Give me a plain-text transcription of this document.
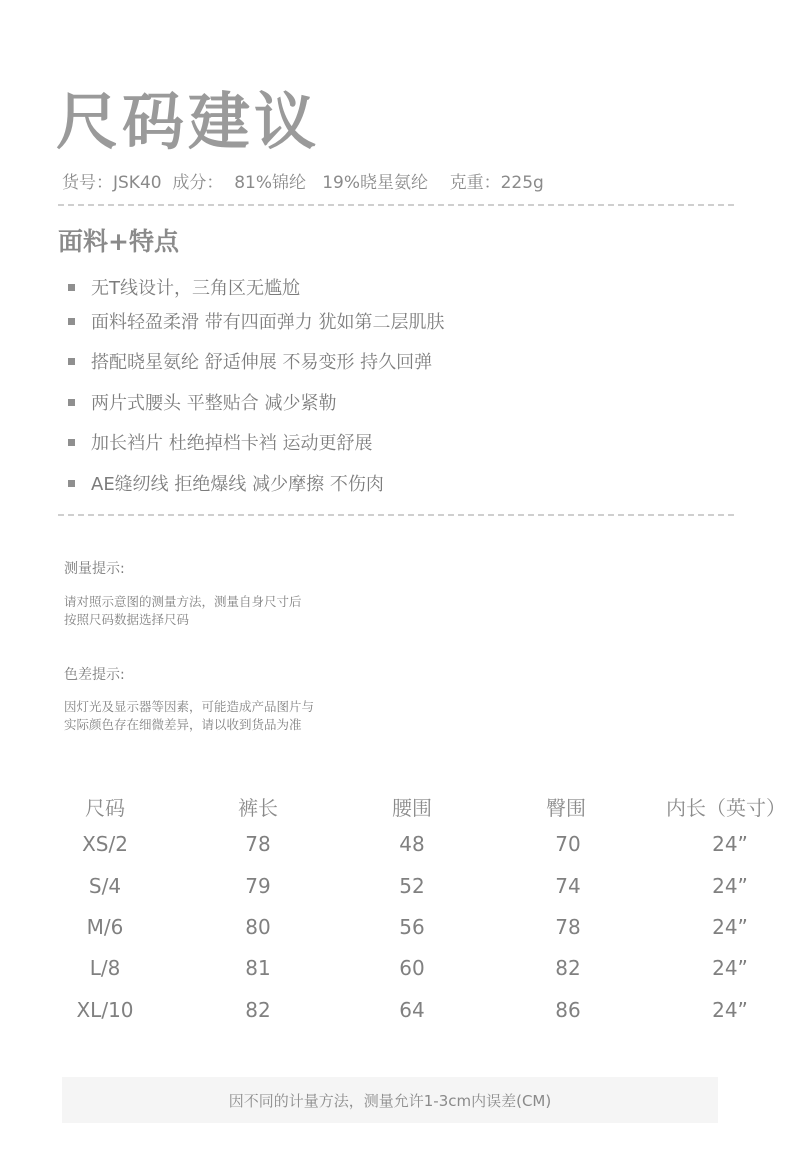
尺码建议
货号：JSK40  成分：  81%锦纶   19%晓星氨纶    克重：225g
面料+特点
无T线设计，三角区无尴尬
面料轻盈柔滑 带有四面弹力 犹如第二层肌肤
搭配晓星氨纶 舒适伸展 不易变形 持久回弹
两片式腰头 平整贴合 减少紧勒
加长裆片 杜绝掉档卡裆 运动更舒展
AE缝纫线 拒绝爆线 减少摩擦 不伤肉
测量提示:
请对照示意图的测量方法，测量自身尺寸后
按照尺码数据选择尺码
色差提示:
因灯光及显示器等因素，可能造成产品图片与
实际颜色存在细微差异，请以收到货品为准
尺码	裤长	腰围	臀围	内长（英寸）
XS/2	78	48	70	24”
S/4	79	52	74	24”
M/6	80	56	78	24”
L/8	81	60	82	24”
XL/10	82	64	86	24”
因不同的计量方法，测量允许1-3cm内误差(CM)
